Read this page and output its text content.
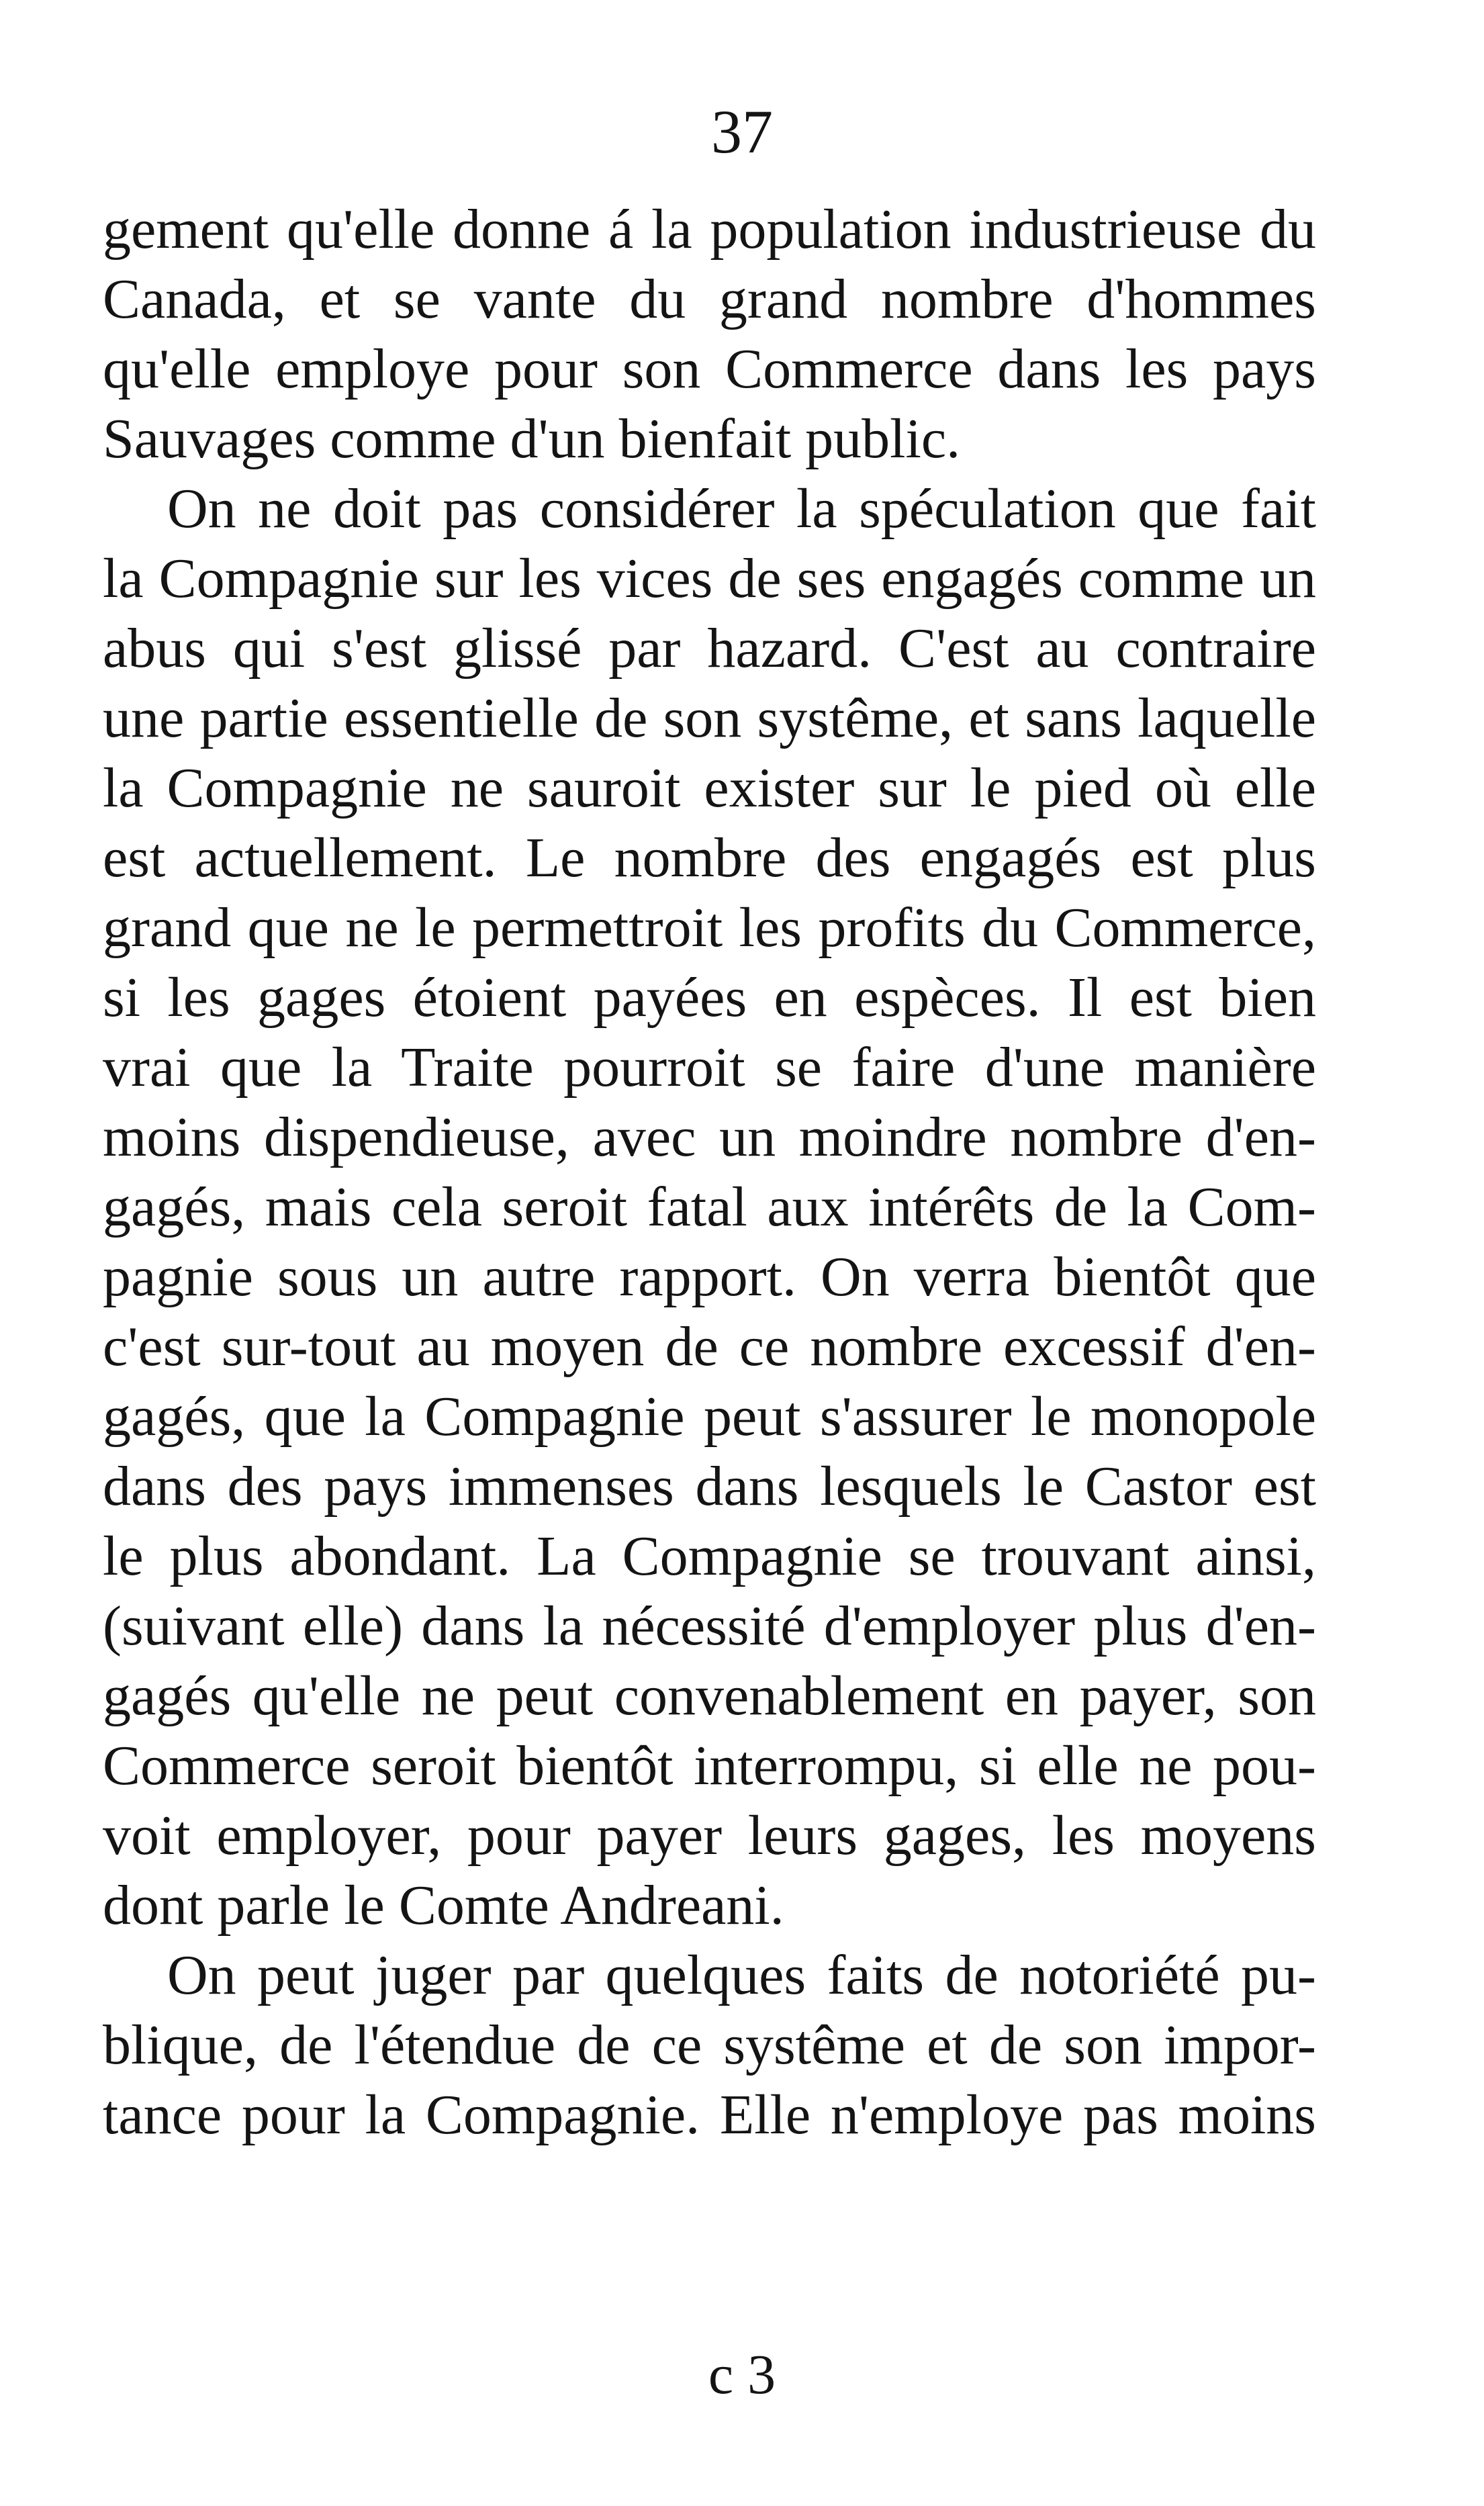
37
gement qu'elle donne á la population industrieuse du
Canada, et se vante du grand nombre d'hommes
qu'elle employe pour son Commerce dans les pays
Sauvages comme d'un bienfait public.
On ne doit pas considérer la spéculation que fait
la Compagnie sur les vices de ses engagés comme un
abus qui s'est glissé par hazard. C'est au contraire
une partie essentielle de son systême, et sans laquelle
la Compagnie ne sauroit exister sur le pied où elle
est actuellement. Le nombre des engagés est plus
grand que ne le permettroit les profits du Commerce,
si les gages étoient payées en espèces. Il est bien
vrai que la Traite pourroit se faire d'une manière
moins dispendieuse, avec un moindre nombre d'en-
gagés, mais cela seroit fatal aux intérêts de la Com-
pagnie sous un autre rapport. On verra bientôt que
c'est sur-tout au moyen de ce nombre excessif d'en-
gagés, que la Compagnie peut s'assurer le monopole
dans des pays immenses dans lesquels le Castor est
le plus abondant. La Compagnie se trouvant ainsi,
(suivant elle) dans la nécessité d'employer plus d'en-
gagés qu'elle ne peut convenablement en payer, son
Commerce seroit bientôt interrompu, si elle ne pou-
voit employer, pour payer leurs gages, les moyens
dont parle le Comte Andreani.
On peut juger par quelques faits de notoriété pu-
blique, de l'étendue de ce systême et de son impor-
tance pour la Compagnie. Elle n'employe pas moins
c 3
